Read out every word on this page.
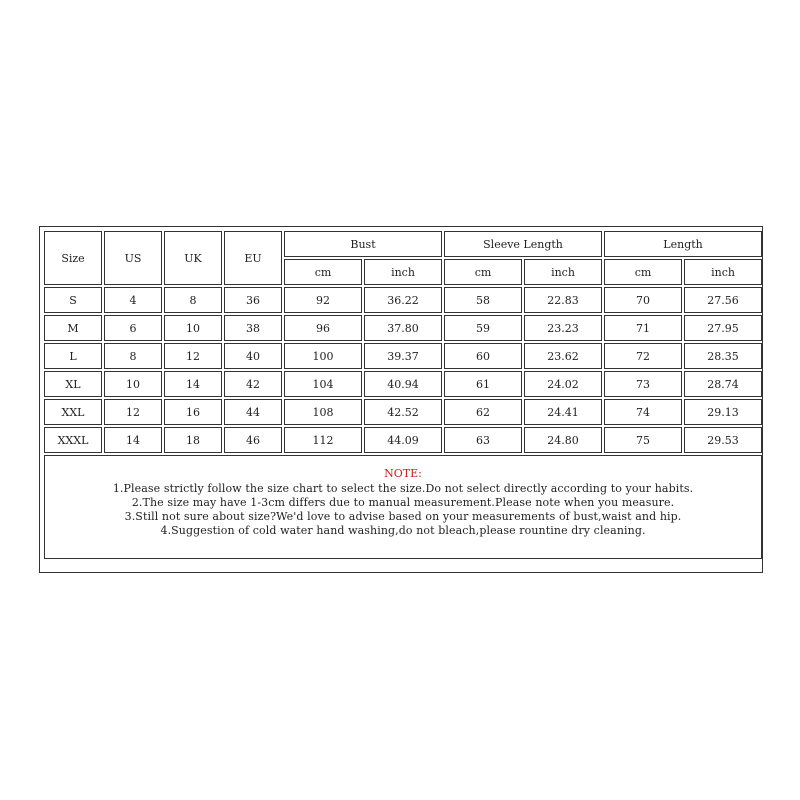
Size	US	UK	EU	Bust		Sleeve Length		Length	
				cm	inch	cm	inch	cm	inch
S	4	8	36	92	36.22	58	22.83	70	27.56
M	6	10	38	96	37.80	59	23.23	71	27.95
L	8	12	40	100	39.37	60	23.62	72	28.35
XL	10	14	42	104	40.94	61	24.02	73	28.74
XXL	12	16	44	108	42.52	62	24.41	74	29.13
XXXL	14	18	46	112	44.09	63	24.80	75	29.53

NOTE:
1.Please strictly follow the size chart to select the size.Do not select directly according to your habits.
2.The size may have 1-3cm differs due to manual measurement.Please note when you measure.
3.Still not sure about size?We'd love to advise based on your measurements of bust,waist and hip.
4.Suggestion of cold water hand washing,do not bleach,please rountine dry cleaning.									
